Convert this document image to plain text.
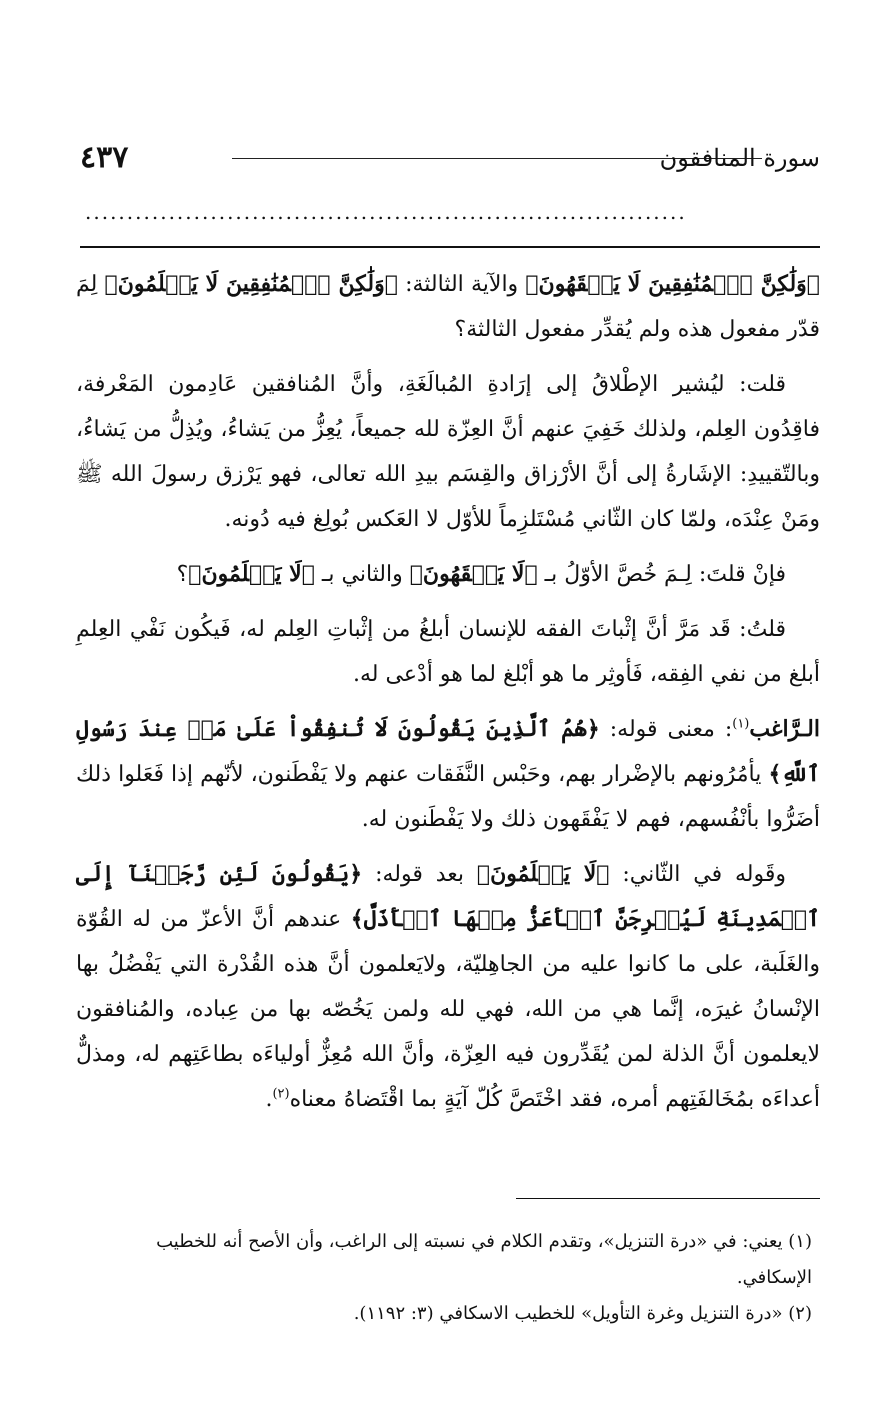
٤٣٧	سورة المنافقون
........................................................................

﴿وَلَٰكِنَّ ٱلۡمُنَٰفِقِينَ لَا يَفۡقَهُونَ﴾ والآية الثالثة: ﴿وَلَٰكِنَّ ٱلۡمُنَٰفِقِينَ لَا يَعۡلَمُونَ﴾ لِمَ قدّر مفعول هذه ولم يُقدِّر مفعول الثالثة؟

قلت: ليُشير الإطْلاقُ إلى إرَادةِ المُبالَغَةِ، وأنَّ المُنافقين عَادِمون المَعْرفة، فاقِدُون العِلم، ولذلك خَفِيَ عنهم أنَّ العِزّة لله جميعاً، يُعِزُّ من يَشاءُ، ويُذِلُّ من يَشاءُ، وبالتّقييدِ: الإشَارةُ إلى أنَّ الأرْزاق والقِسَم بيدِ الله تعالى، فهو يَرْزق رسولَ الله ﷺ ومَنْ عِنْدَه، ولمّا كان الثّاني مُسْتَلزِماً للأوّل لا العَكس بُولِغ فيه دُونه.

فإنْ قلتَ: لِـمَ خُصَّ الأوّلُ بـ ﴿لَا يَفۡقَهُونَ﴾ والثاني بـ ﴿لَا يَعۡلَمُونَ﴾؟

قلتُ: قَد مَرَّ أنَّ إثْباتَ الفقه للإنسان أبلغُ من إثْباتِ العِلم له، فَيكُون نَفْي العِلمِ أبلغ من نفي الفِقه، فَأوثِر ما هو أبْلغ لما هو أدْعى له.

الـرَّاغب$^{(١)}$: معنى قوله: ﴿هُمُ ٱلَّذِينَ يَقُولُونَ لَا تُنفِقُواْ عَلَىٰ مَنۡ عِندَ رَسُولِ ٱللَّهِ﴾ يأمُرُونهم بالإضْرار بهم، وحَبْس النَّفَقات عنهم ولا يَفْطَنون، لأنّهم إذا فَعَلوا ذلك أضَرُّوا بأنْفُسهم، فهم لا يَفْقَهون ذلك ولا يَفْطَنون له.

وقَوله في الثّاني: ﴿لَا يَعۡلَمُونَ﴾ بعد قوله: ﴿يَقُولُونَ لَئِن رَّجَعۡنَآ إِلَى ٱلۡمَدِينَةِ لَيُخۡرِجَنَّ ٱلۡأَعَزُّ مِنۡهَا ٱلۡأَذَلَّ﴾ عندهم أنَّ الأعزّ من له القُوّة والغَلَبة، على ما كانوا عليه من الجاهِليّة، ولايَعلمون أنَّ هذه القُدْرة التي يَفْضُلُ بها الإنْسانُ غيرَه، إنَّما هي من الله، فهي لله ولمن يَخُصّه بها من عِباده، والمُنافقون لايعلمون أنَّ الذلة لمن يُقَدِّرون فيه العِزّة، وأنَّ الله مُعِزٌّ أولياءَه بطاعَتِهم له، ومذلٌّ أعداءَه بمُخَالفَتِهم أمره، فقد اخْتَصَّ كُلّ آيَةٍ بما اقْتَضاهُ معناه$^{(٢)}$.

(١) يعني: في «درة التنزيل»، وتقدم الكلام في نسبته إلى الراغب، وأن الأصح أنه للخطيب الإسكافي.

(٢) «درة التنزيل وغرة التأويل» للخطيب الاسكافي (٣: ١١٩٢).
